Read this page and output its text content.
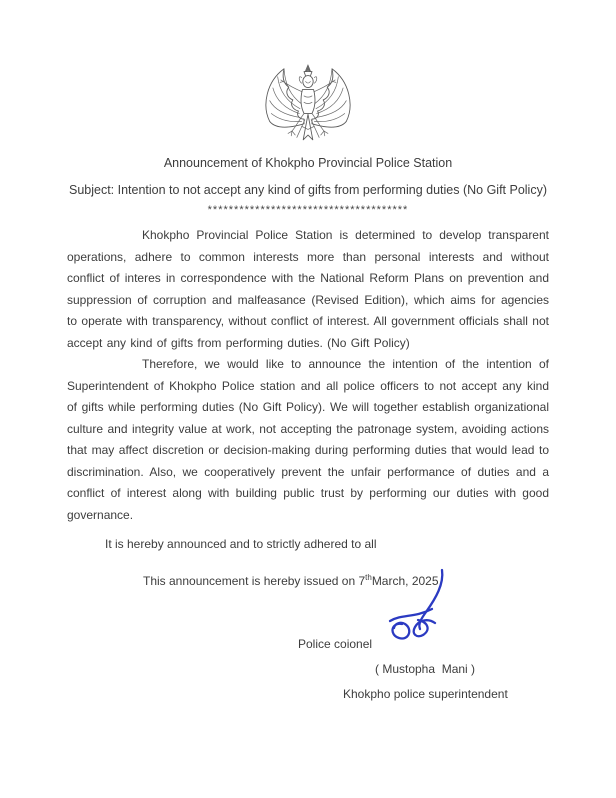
Announcement of Khokpho Provincial Police Station
Subject: Intention to not accept any kind of gifts from performing duties (No Gift Policy)
**************************************

Khokpho Provincial Police Station is determined to develop transparent operations, adhere to common interests more than personal interests and without conflict of interes in correspondence with the National Reform Plans on prevention and suppression of corruption and malfeasance (Revised Edition), which aims for agencies to operate with transparency, without conflict of interest. All government officials shall not accept any kind of gifts from performing duties. (No Gift Policy)

Therefore, we would like to announce the intention of the intention of Superintendent of Khokpho Police station and all police officers to not accept any kind of gifts while performing duties (No Gift Policy). We will together establish organizational culture and integrity value at work, not accepting the patronage system, avoiding actions that may affect discretion or decision-making during performing duties that would lead to discrimination. Also, we cooperatively prevent the unfair performance of duties and a conflict of interest along with building public trust by performing our duties with good governance.

It is hereby announced and to strictly adhered to all
This announcement is hereby issued on 7thMarch, 2025
Police coionel
( Mustopha  Mani )
Khokpho police superintendent
